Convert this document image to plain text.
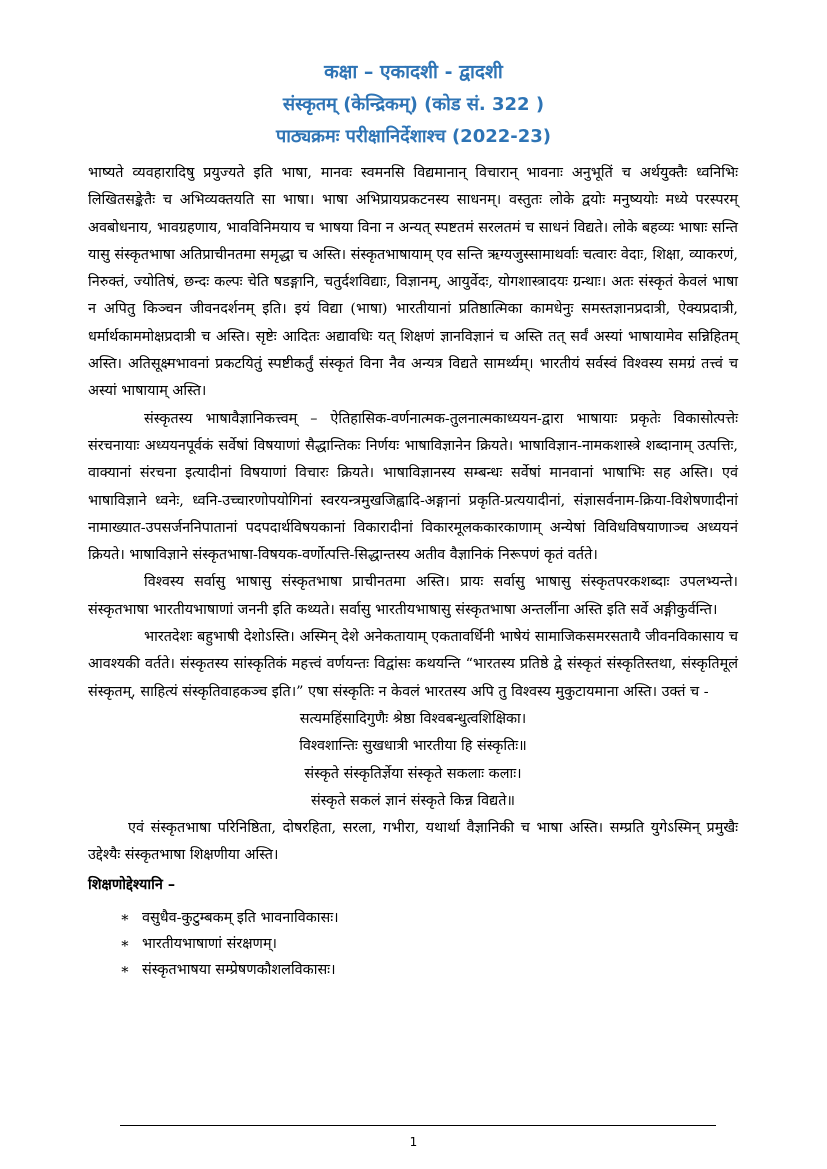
कक्षा – एकादशी - द्वादशी
संस्कृतम् (केन्द्रिकम्) (कोड सं. 322 )
पाठ्यक्रमः परीक्षानिर्देशाश्च (2022-23)

भाष्यते व्यवहारादिषु प्रयुज्यते इति भाषा, मानवः स्वमनसि विद्यमानान् विचारान् भावनाः अनुभूतिं च अर्थयुक्तैः ध्वनिभिः लिखितसङ्केतैः च अभिव्यक्तयति सा भाषा। भाषा अभिप्रायप्रकटनस्य साधनम्। वस्तुतः लोके द्वयोः मनुष्ययोः मध्ये परस्परम् अवबोधनाय, भावग्रहणाय, भावविनिमयाय च भाषया विना न अन्यत् स्पष्टतमं सरलतमं च साधनं विद्यते। लोके बहव्यः भाषाः सन्ति यासु संस्कृतभाषा अतिप्राचीनतमा समृद्धा च अस्ति। संस्कृतभाषायाम् एव सन्ति ऋग्यजुस्सामाथर्वाः चत्वारः वेदाः, शिक्षा, व्याकरणं, निरुक्तं, ज्योतिषं, छन्दः कल्पः चेति षडङ्गानि, चतुर्दशविद्याः, विज्ञानम्, आयुर्वेदः, योगशास्त्रादयः ग्रन्थाः। अतः संस्कृतं केवलं भाषा न अपितु किञ्चन जीवनदर्शनम् इति। इयं विद्या (भाषा) भारतीयानां प्रतिष्ठात्मिका कामधेनुः समस्तज्ञानप्रदात्री, ऐक्यप्रदात्री, धर्मार्थकाममोक्षप्रदात्री च अस्ति। सृष्टेः आदितः अद्यावधिः यत् शिक्षणं ज्ञानविज्ञानं च अस्ति तत् सर्वं अस्यां भाषायामेव सन्निहितम् अस्ति। अतिसूक्ष्मभावनां प्रकटयितुं स्पष्टीकर्तुं संस्कृतं विना नैव अन्यत्र विद्यते सामर्थ्यम्। भारतीयं सर्वस्वं विश्वस्य समग्रं तत्त्वं च अस्यां भाषायाम् अस्ति।

संस्कृतस्य भाषावैज्ञानिकत्त्वम् – ऐतिहासिक-वर्णनात्मक-तुलनात्मकाध्ययन-द्वारा भाषायाः प्रकृतेः विकासोत्पत्तेः संरचनायाः अध्ययनपूर्वकं सर्वेषां विषयाणां सैद्धान्तिकः निर्णयः भाषाविज्ञानेन क्रियते। भाषाविज्ञान-नामकशास्त्रे शब्दानाम् उत्पत्तिः, वाक्यानां संरचना इत्यादीनां विषयाणां विचारः क्रियते। भाषाविज्ञानस्य सम्बन्धः सर्वेषां मानवानां भाषाभिः सह अस्ति। एवं भाषाविज्ञाने ध्वनेः, ध्वनि-उच्चारणोपयोगिनां स्वरयन्त्रमुखजिह्वादि-अङ्गानां प्रकृति-प्रत्ययादीनां, संज्ञासर्वनाम-क्रिया-विशेषणादीनां नामाख्यात-उपसर्जननिपातानां पदपदार्थविषयकानां विकारादीनां विकारमूलककारकाणाम् अन्येषां विविधविषयाणाञ्च अध्ययनं क्रियते। भाषाविज्ञाने संस्कृतभाषा-विषयक-वर्णोत्पत्ति-सिद्धान्तस्य अतीव वैज्ञानिकं निरूपणं कृतं वर्तते।

विश्वस्य सर्वासु भाषासु संस्कृतभाषा प्राचीनतमा अस्ति। प्रायः सर्वासु भाषासु संस्कृतपरकशब्दाः उपलभ्यन्ते। संस्कृतभाषा भारतीयभाषाणां जननी इति कथ्यते। सर्वासु भारतीयभाषासु संस्कृतभाषा अन्तर्लीना अस्ति इति सर्वे अङ्गीकुर्वन्ति।

भारतदेशः बहुभाषी देशोऽस्ति। अस्मिन् देशे अनेकतायाम् एकतावर्धिनी भाषेयं सामाजिकसमरसतायै जीवनविकासाय च आवश्यकी वर्तते। संस्कृतस्य सांस्कृतिकं महत्त्वं वर्णयन्तः विद्वांसः कथयन्ति “भारतस्य प्रतिष्ठे द्वे संस्कृतं संस्कृतिस्तथा, संस्कृतिमूलं संस्कृतम्, साहित्यं संस्कृतिवाहकञ्च इति।” एषा संस्कृतिः न केवलं भारतस्य अपि तु विश्वस्य मुकुटायमाना अस्ति। उक्तं च -

सत्यमहिंसादिगुणैः श्रेष्ठा विश्वबन्धुत्वशिक्षिका।

विश्वशान्तिः सुखधात्री भारतीया हि संस्कृतिः॥

संस्कृते संस्कृतिर्ज्ञेया संस्कृते सकलाः कलाः।

संस्कृते सकलं ज्ञानं संस्कृते किन्न विद्यते॥

एवं संस्कृतभाषा परिनिष्ठिता, दोषरहिता, सरला, गभीरा, यथार्था वैज्ञानिकी च भाषा अस्ति। सम्प्रति युगेऽस्मिन् प्रमुखैः उद्देश्यैः संस्कृतभाषा शिक्षणीया अस्ति।

शिक्षणोद्देश्यानि –

∗ वसुधैव-कुटुम्बकम् इति भावनाविकासः।
∗ भारतीयभाषाणां संरक्षणम्।
∗ संस्कृतभाषया सम्प्रेषणकौशलविकासः।
1
